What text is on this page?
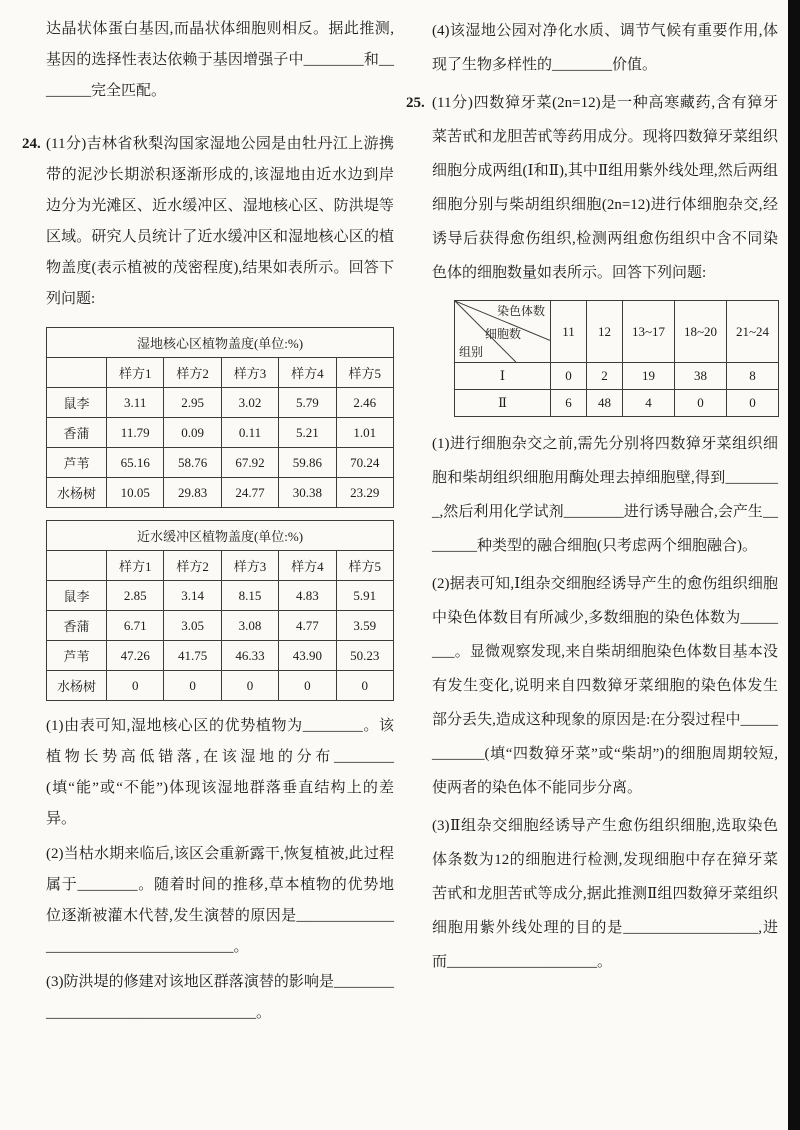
达晶状体蛋白基因,而晶状体细胞则相反。据此推测,基因的选择性表达依赖于基因增强子中________和________完全匹配。

24. (11分)吉林省秋梨沟国家湿地公园是由牡丹江上游携带的泥沙长期淤积逐渐形成的,该湿地由近水边到岸边分为光滩区、近水缓冲区、湿地核心区、防洪堤等区域。研究人员统计了近水缓冲区和湿地核心区的植物盖度(表示植被的茂密程度),结果如表所示。回答下列问题:

湿地核心区植物盖度(单位:%)					
	样方1	样方2	样方3	样方4	样方5
鼠李	3.11	2.95	3.02	5.79	2.46
香蒲	11.79	0.09	0.11	5.21	1.01
芦苇	65.16	58.76	67.92	59.86	70.24
水杨树	10.05	29.83	24.77	30.38	23.29
近水缓冲区植物盖度(单位:%)					
	样方1	样方2	样方3	样方4	样方5
鼠李	2.85	3.14	8.15	4.83	5.91
香蒲	6.71	3.05	3.08	4.77	3.59
芦苇	47.26	41.75	46.33	43.90	50.23
水杨树	0	0	0	0	0

(1)由表可知,湿地核心区的优势植物为________。该植物长势高低错落,在该湿地的分布________(填“能”或“不能”)体现该湿地群落垂直结构上的差异。

(2)当枯水期来临后,该区会重新露干,恢复植被,此过程属于________。随着时间的推移,草本植物的优势地位逐渐被灌木代替,发生演替的原因是______________________________________。

(3)防洪堤的修建对该地区群落演替的影响是____________________________________。

(4)该湿地公园对净化水质、调节气候有重要作用,体现了生物多样性的________价值。

25. (11分)四数獐牙菜(2n=12)是一种高寒藏药,含有獐牙菜苦甙和龙胆苦甙等药用成分。现将四数獐牙菜组织细胞分成两组(Ⅰ和Ⅱ),其中Ⅱ组用紫外线处理,然后两组细胞分别与柴胡组织细胞(2n=12)进行体细胞杂交,经诱导后获得愈伤组织,检测两组愈伤组织中含不同染色体的细胞数量如表所示。回答下列问题:

染色体数
细胞数
组别	11	12	13~17	18~20	21~24
Ⅰ	0	2	19	38	8
Ⅱ	6	48	4	0	0

(1)进行细胞杂交之前,需先分别将四数獐牙菜组织细胞和柴胡组织细胞用酶处理去掉细胞壁,得到________,然后利用化学试剂________进行诱导融合,会产生________种类型的融合细胞(只考虑两个细胞融合)。

(2)据表可知,Ⅰ组杂交细胞经诱导产生的愈伤组织细胞中染色体数目有所减少,多数细胞的染色体数为________。显微观察发现,来自柴胡细胞染色体数目基本没有发生变化,说明来自四数獐牙菜细胞的染色体发生部分丢失,造成这种现象的原因是:在分裂过程中____________(填“四数獐牙菜”或“柴胡”)的细胞周期较短,使两者的染色体不能同步分离。

(3)Ⅱ组杂交细胞经诱导产生愈伤组织细胞,选取染色体条数为12的细胞进行检测,发现细胞中存在獐牙菜苦甙和龙胆苦甙等成分,据此推测Ⅱ组四数獐牙菜组织细胞用紫外线处理的目的是__________________,进而____________________。
